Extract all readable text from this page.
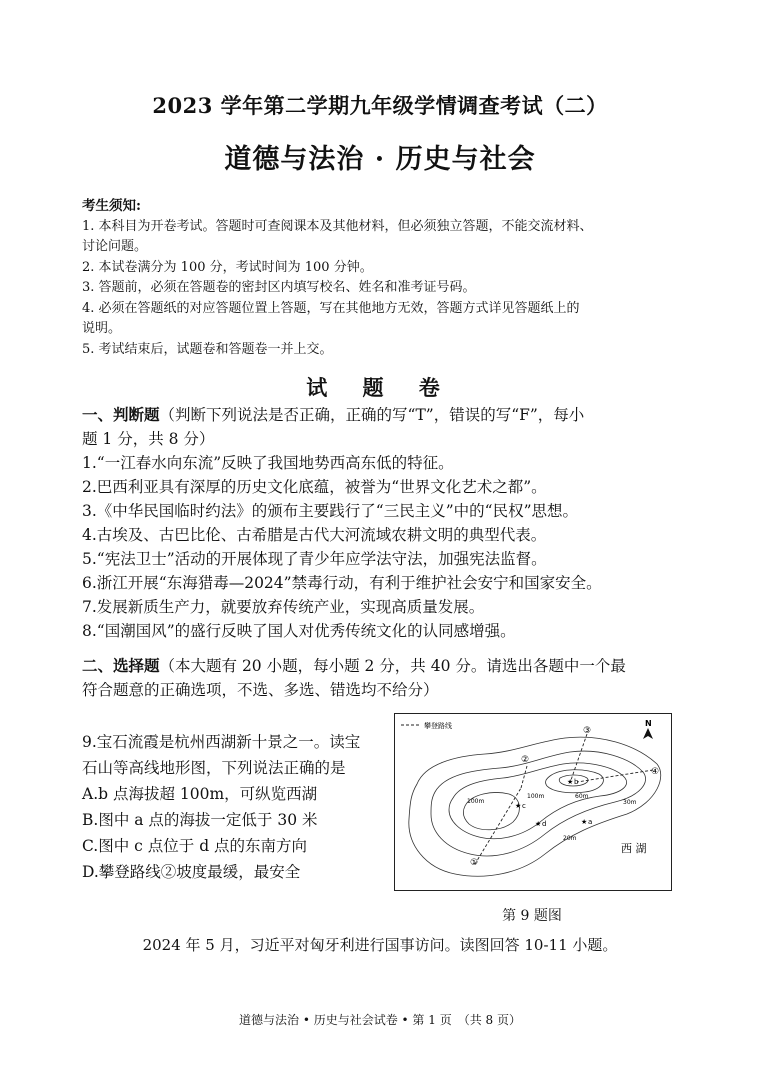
2023 学年第二学期九年级学情调查考试（二）
道德与法治 · 历史与社会
考生须知:

1. 本科目为开卷考试。答题时可查阅课本及其他材料，但必须独立答题，不能交流材料、

讨论问题。

2. 本试卷满分为 100 分，考试时间为 100 分钟。

3. 答题前，必须在答题卷的密封区内填写校名、姓名和准考证号码。

4. 必须在答题纸的对应答题位置上答题，写在其他地方无效，答题方式详见答题纸上的

说明。

5. 考试结束后，试题卷和答题卷一并上交。

试 题 卷
一、判断题（判断下列说法是否正确，正确的写“T”，错误的写“F”，每小
题 1 分，共 8 分）

1.“一江春水向东流”反映了我国地势西高东低的特征。

2.巴西利亚具有深厚的历史文化底蕴，被誉为“世界文化艺术之都”。

3.《中华民国临时约法》的颁布主要践行了“三民主义”中的“民权”思想。

4.古埃及、古巴比伦、古希腊是古代大河流域农耕文明的典型代表。

5.“宪法卫士”活动的开展体现了青少年应学法守法，加强宪法监督。

6.浙江开展“东海猎毒—2024”禁毒行动，有利于维护社会安宁和国家安全。

7.发展新质生产力，就要放弃传统产业，实现高质量发展。

8.“国潮国风”的盛行反映了国人对优秀传统文化的认同感增强。

二、选择题（本大题有 20 小题，每小题 2 分，共 40 分。请选出各题中一个最
符合题意的正确选项，不选、多选、错选均不给分）

9.宝石流霞是杭州西湖新十景之一。读宝

石山等高线地形图，下列说法正确的是

A.b 点海拔超 100m，可纵览西湖

B.图中 a 点的海拔一定低于 30 米

C.图中 c 点位于 d 点的东南方向

D.攀登路线②坡度最缓，最安全

攀登路线	N
①
②
③
④
★ c
★ b
★ d	★ a
100m
100m	60m
30m
20m
西 湖
第 9 题图
2024 年 5 月，习近平对匈牙利进行国事访问。读图回答 10-11 小题。
道德与法治 • 历史与社会试卷 • 第 1 页　（共 8 页）
